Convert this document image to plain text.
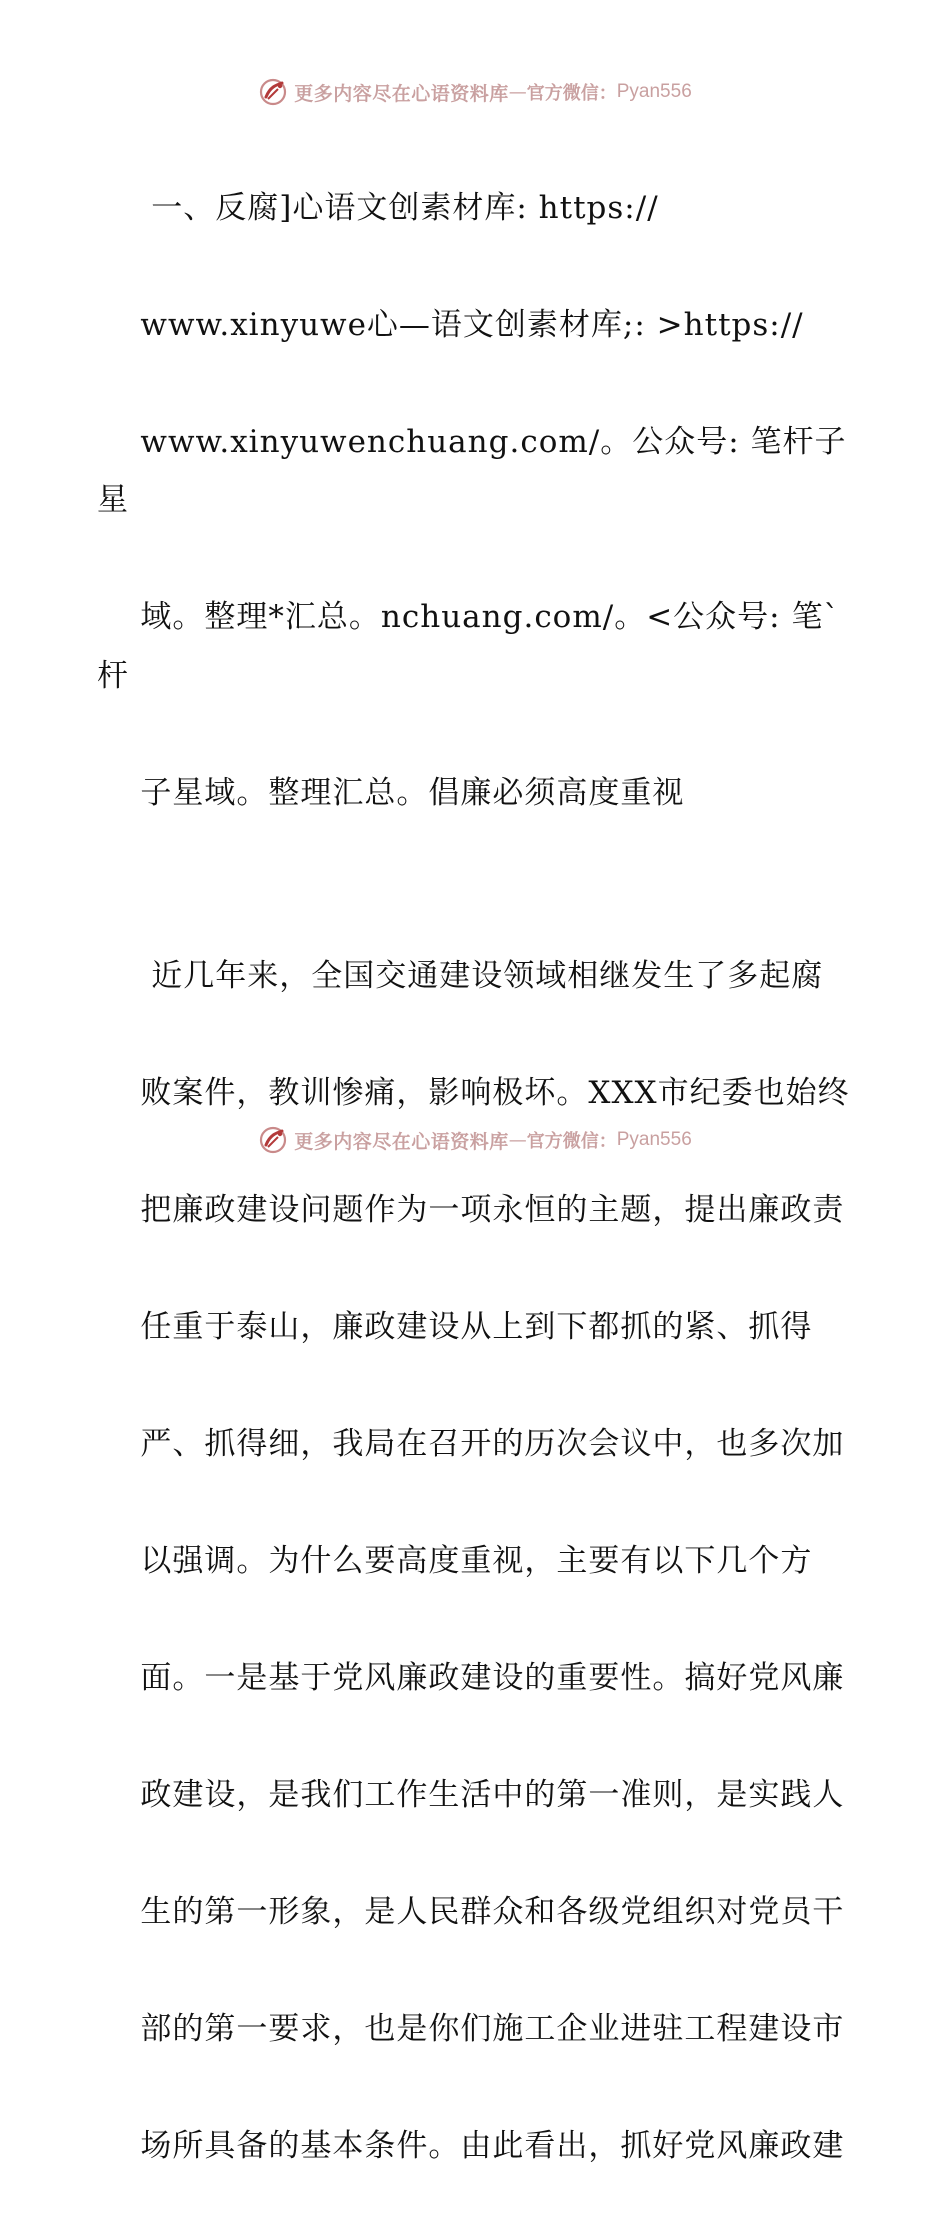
更多内容尽在心语资料库 — 官方微信： Pyan556

一、反腐]心语文创素材库: https://

www.xinyuwe心—语文创素材库;: >https://

www.xinyuwenchuang.com/。公众号: 笔杆子星

域。整理*汇总。nchuang.com/。<公众号: 笔`杆

子星域。整理汇总。倡廉必须高度重视

近几年来，全国交通建设领域相继发生了多起腐

败案件，教训惨痛，影响极坏。XXX市纪委也始终

把廉政建设问题作为一项永恒的主题，提出廉政责

任重于泰山，廉政建设从上到下都抓的紧、抓得

严、抓得细，我局在召开的历次会议中，也多次加

以强调。为什么要高度重视，主要有以下几个方

面。一是基于党风廉政建设的重要性。搞好党风廉

政建设，是我们工作生活中的第一准则，是实践人

生的第一形象，是人民群众和各级党组织对党员干

部的第一要求，也是你们施工企业进驻工程建设市

场所具备的基本条件。由此看出，抓好党风廉政建

更多内容尽在心语资料库 — 官方微信： Pyan556
